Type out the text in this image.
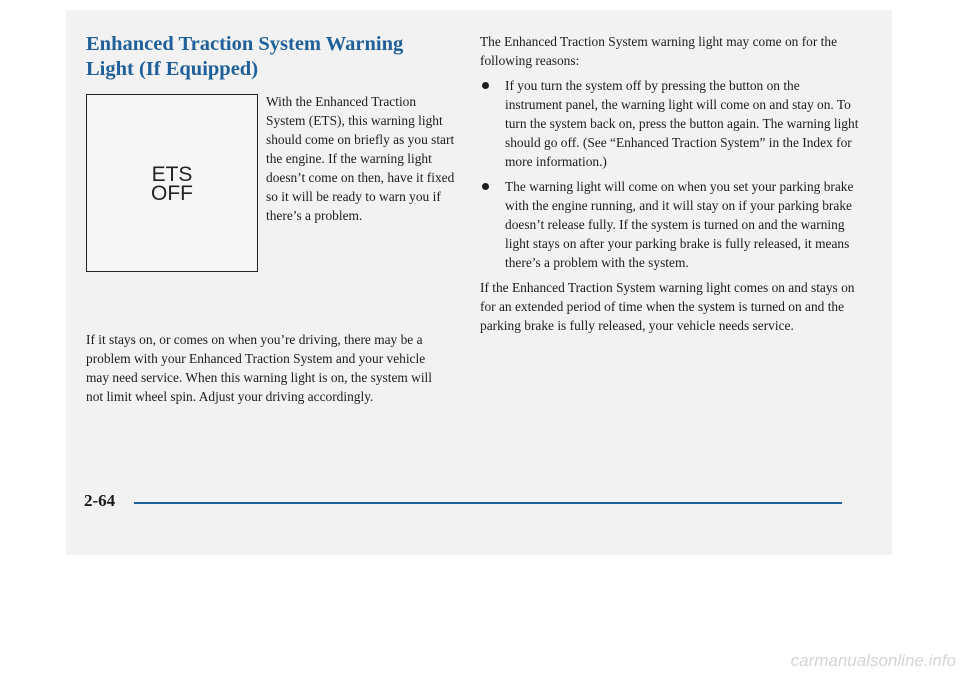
Enhanced Traction System Warning Light (If Equipped)
ETS
OFF

With the Enhanced Traction System (ETS), this warning light should come on briefly as you start the engine. If the warning light doesn’t come on then, have it fixed so it will be ready to warn you if there’s a problem.

If it stays on, or comes on when you’re driving, there may be a problem with your Enhanced Traction System and your vehicle may need service. When this warning light is on, the system will not limit wheel spin. Adjust your driving accordingly.

The Enhanced Traction System warning light may come on for the following reasons:

If you turn the system off by pressing the button on the instrument panel, the warning light will come on and stay on. To turn the system back on, press the button again. The warning light should go off. (See “Enhanced Traction System” in the Index for more information.)
The warning light will come on when you set your parking brake with the engine running, and it will stay on if your parking brake doesn’t release fully. If the system is turned on and the warning light stays on after your parking brake is fully released, it means there’s a problem with the system.

If the Enhanced Traction System warning light comes on and stays on for an extended period of time when the system is turned on and the parking brake is fully released, your vehicle needs service.

2-64
carmanualsonline.info
